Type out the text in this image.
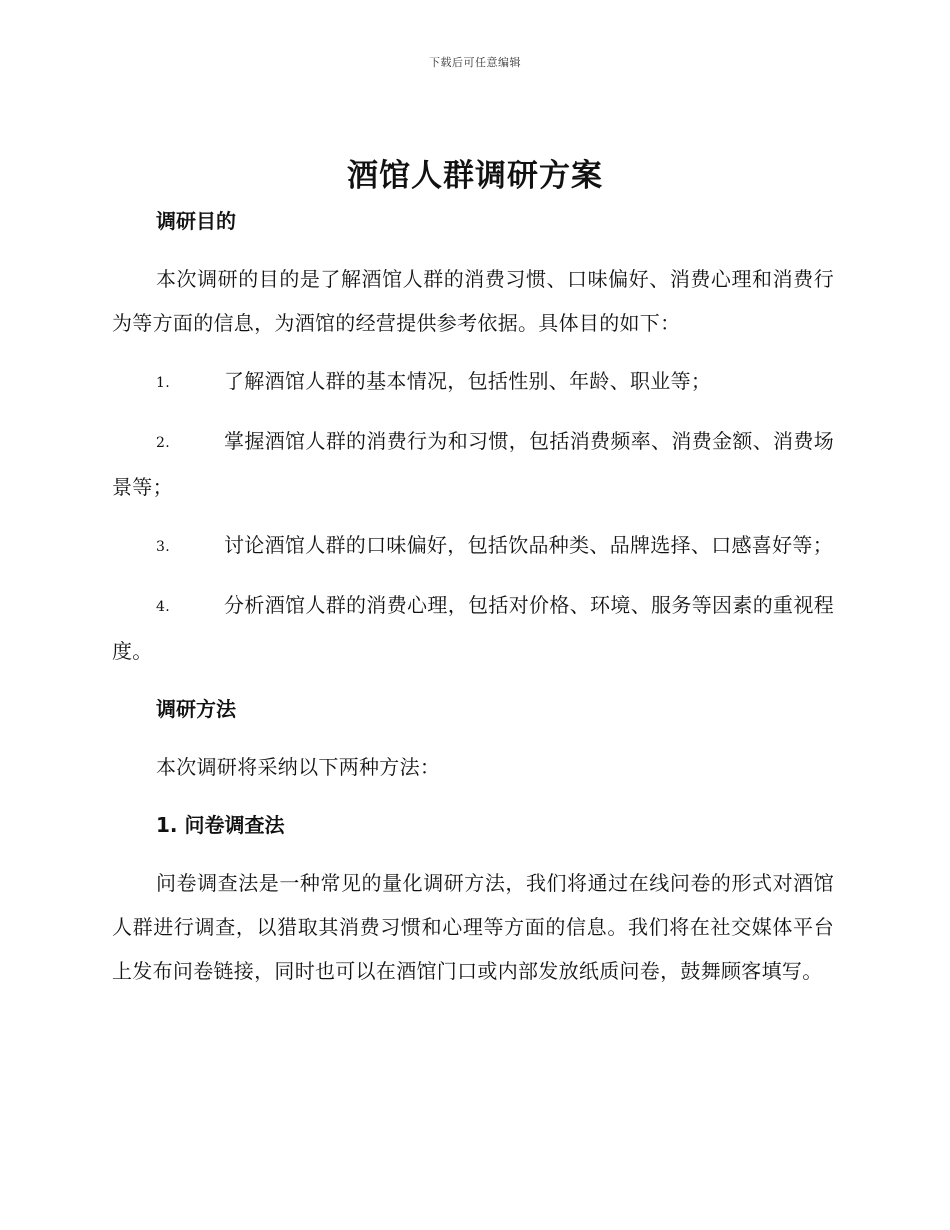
下载后可任意编辑
酒馆人群调研方案

调研目的

本次调研的目的是了解酒馆人群的消费习惯、口味偏好、消费心理和消费行为等方面的信息，为酒馆的经营提供参考依据。具体目的如下：

1.	了解酒馆人群的基本情况，包括性别、年龄、职业等；

2.	掌握酒馆人群的消费行为和习惯，包括消费频率、消费金额、消费场景等；

3.	讨论酒馆人群的口味偏好，包括饮品种类、品牌选择、口感喜好等；

4.	分析酒馆人群的消费心理，包括对价格、环境、服务等因素的重视程度。

调研方法

本次调研将采纳以下两种方法：

1. 问卷调查法

问卷调查法是一种常见的量化调研方法，我们将通过在线问卷的形式对酒馆人群进行调查，以猎取其消费习惯和心理等方面的信息。我们将在社交媒体平台上发布问卷链接，同时也可以在酒馆门口或内部发放纸质问卷，鼓舞顾客填写。
